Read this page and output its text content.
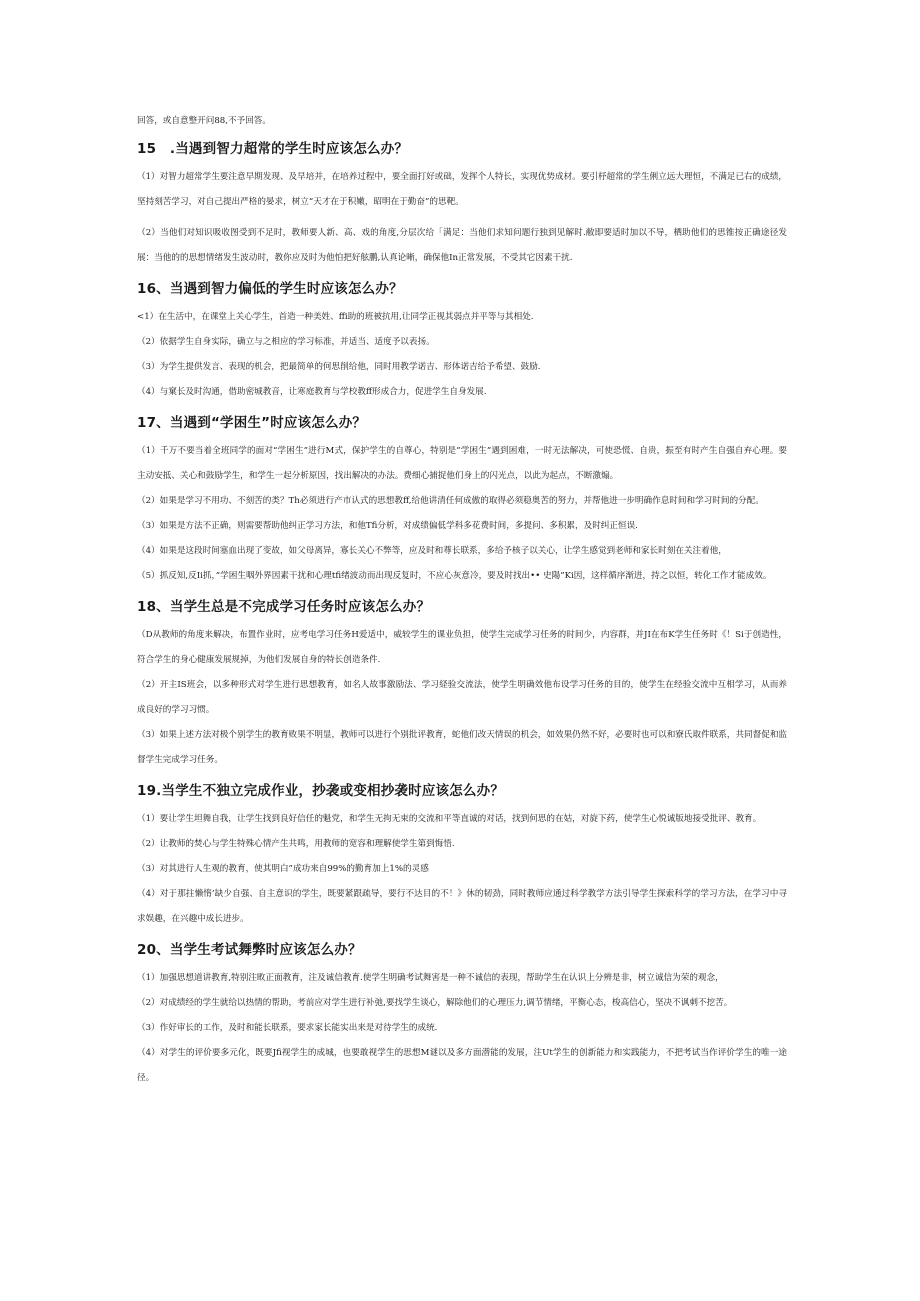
回答，或自意整开问88,不予回答。

15　.当遇到智力超常的学生时应该怎么办？

（1）对智力超常学生要注意早期发现、及早培并，在培养过程中，要全面打好或础，发挥个人特长，实现优势成材。要引杼超常的学生俐立远大理恒，不满足已右的成绩，坚持刻苦学习，对自己提出严格的晏求，树立“天才在于积嫩，昭明在于勤奋”的思靶。

（2）当他们对知识吸收图受到不足时，教师要人新、高、戏的角度,分层次给「满足：当他们求知问题行独到见解时.敝即要适时加以不导，栖助他们的思锥按正确途径发展：当他的的思想情绪发生波动时，教你应及时为他怕把好舷鹏,认真论晰，确保他In正常发展，不受其它因素干扰.

16、当遇到智力偏低的学生时应该怎么办？

<1）在生活中，在课堂上关心学生，首造一种美姓、ffi助的班被抗用,让同学正视其弱点并平等与其相处.

（2）依据学生自身实际，确立与之相应的学习标准，并适当、适度予以表扬。

（3）为学生提供发言、表现的机会，把最简单的何思削给他，同时用教学诺吉、形体诺吉给予希望、鼓励.

（4）与窠长及时沟通，借助密城教音，让寒庭教育与学校教ff形成合力，促进学生自身发展.

17、当遇到“学困生”时应该怎么办？

（1）千万不要当着全班同学的面对“学困生”进行M式，保护学生的自尊心，特别是”学困生”遇到困难，一时无法解决，可使恐慌、自贵，振至有时产生自强自弃心理。要主动安抵、关心和鼓励学生，和学生一起分析原因，找出解决的办法。费细心捕捉他们身上的闪光点，以此为起点，不断激煽。

（2）如果是学习不用功、不刻苦的类？Th必须进行产市认式的思想教ff,给他讲清任何成傲的取得必须稳奥苦的努力，并帮他进一步明确作息时间和学习时间的分配。

（3）如果是方法不正确，则需要帮助他纠正学习方法，和他Tfi分析，对成绩偏低学科多花费时间，多提问、多积累，及时纠正恒误.

（4）如果是这段时间塞血出现了变故，如父母离异，寡长关心不弊等，应及时和尊长联系，多给予核子以关心，让学生感觉到老师和家长时刻在关注着他，

（5）抓反知,反Ii抓，”学困生咽外界因素干扰和心理tfi绪波动而出现反复时，不应心灰意冷，要及时找出•• 史陽”Ki因，这样循序渐进，持之以恒，转化工作才能成效。

18、当学生总是不完成学习任务时应该怎么办？

（D从教师的角度来解决，布置作业时，应考电学习任务H爱适中，威较学生的课业负担，使学生完成学习任务的时间少，内容群，并JI在布K学生任务时《！Si于创造性，符合学生的身心健康发展规掉，为他们发展自身的特长创造条件.

（2）开主IS班会，以多种形式对学生进行思想教育，如名人故事激励法、学习経验交流法，使学生明确效他布设学习任务的目的，使学生在经验交流中互相学习，从而养成良好的学习习惯。

（3）如果上述方法对极个别学生的教育败果不明显，教师可以进行个别批评教育，蛇他们改天情误的机会，如效果仍然不好，必要时也可以和寮氏取件联系，共同督促和监督学生完成学习任务。

19.当学生不独立完成作业，抄袭或变相抄袭时应该怎么办？

（1）要让学生坦舞自我，让学生找到良好信任的魁党，和学生无拘无束的交流和平等直诚的对话，找到何思的在姑，对旋下药，使学生心悦诚版地接受批评、教育。

（2）让教师的焚心与学生特殊心情产生共鸣，用教师的宽容和理解使学生第到悔悟.

（3）对其进行人生观的教育，使其明白”成功来自99%的勤育加上1%的灵感

（4）对于那拄懒惰’缺少自强、自主意识的学生，既要紧跟疏导，要行不达目的不！》休的韧劲，同时教师应通过科学教学方法引导学生探索科学的学习方法，在学习中寻求娱趣，在兴趣中成长进步。

20、当学生考试舞弊时应该怎么办？

（1）加强思想道讲教育,特别注畋正面教育，注及诚信教育.使学生明确考试舞害是一种不诚信的表现，帮助学生在认识上分辨是非，树立诚信为荣的观念，

（2）对成绩经的学生就给以热情的帮助，考前应对学生进行补弛,要找学生谈心，解除他们的心理压力,调节情绪，平衡心态，梭高信心，坚决不讽刺不挖苦。

（3）作好审长的工作，及时和能长联系，要求家长能实出来是对待学生的成统.

（4）对学生的评价要多元化，既要Jfi视学生的成城，也要敢视学生的思想M谜以及多方面潜能的发展，注Ut学生的创新能力和实践能力，不把考试当作评价学生的唯一途径。
